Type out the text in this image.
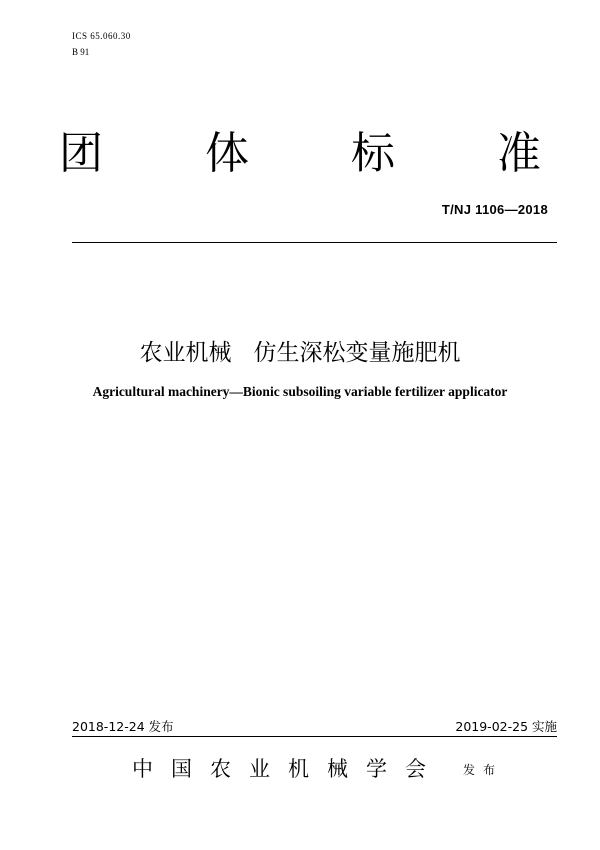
ICS 65.060.30
B 91
团 体 标 准
T/NJ 1106—2018
农业机械 仿生深松变量施肥机
Agricultural machinery—Bionic subsoiling variable fertilizer applicator
2018-12-24 发布	2019-02-25 实施
中国农业机械学会 发布
